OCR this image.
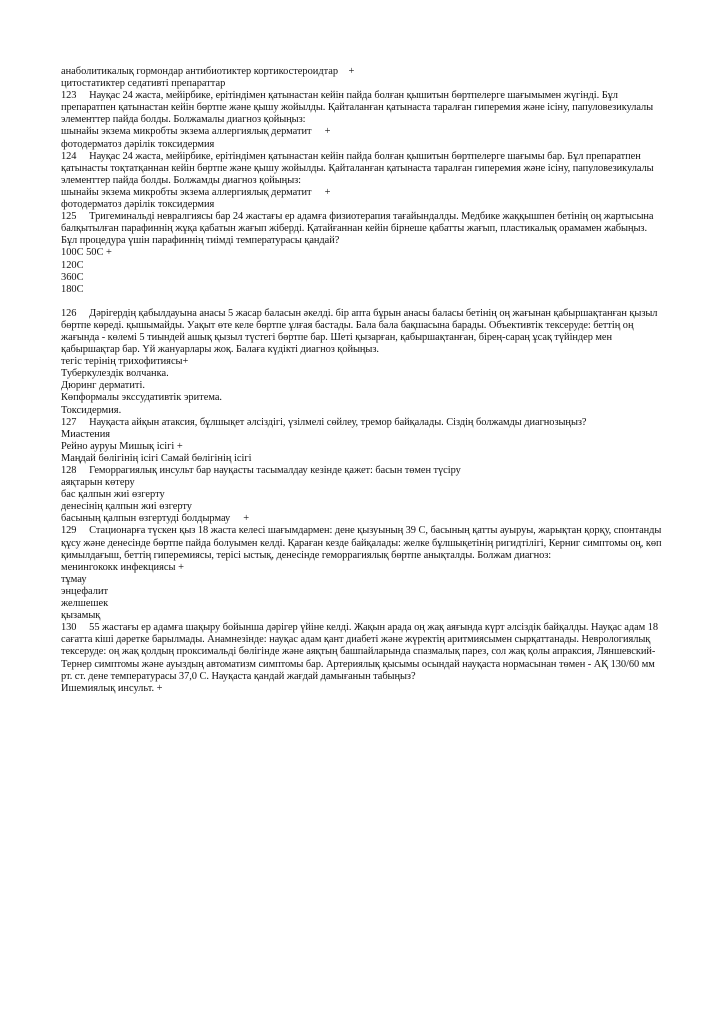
анаболитикалық гормондар антибиотиктер кортикостероидтар    +

цитостатиктер седативті препараттар

123     Науқас 24 жаста, мейірбике, ерітіндімен қатынастан кейін пайда болған қышитын бөртпелерге шағымымен жүгінді. Бұл препаратпен қатынастан кейін бөртпе және қышу жойылды. Қайталанған қатынаста таралған гиперемия және ісіну, папуловезикулалы элементтер пайда болды. Болжамалы диагноз қойыңыз:

шынайы экзема микробты экзема аллергиялық дерматит     +

фотодерматоз дәрілік токсидермия

124     Науқас 24 жаста, мейірбике, ерітіндімен қатынастан кейін пайда болған қышитын бөртпелерге шағымы бар. Бұл препаратпен қатынасты тоқтатқаннан кейін бөртпе және қышу жойылды. Қайталанған қатынаста таралған гиперемия және ісіну, папуловезикулалы элементтер пайда болды. Болжамды диагноз қойыңыз:

шынайы экзема микробты экзема аллергиялық дерматит     +

фотодерматоз дәрілік токсидермия

125     Тригеминальді невралгиясы бар 24 жастағы ер адамға физиотерапия тағайындалды. Медбике жаққышпен бетінің оң жартысына балқытылған парафиннің жұқа қабатын жағып жіберді. Қатайғаннан кейін бірнеше қабатты жағып, пластикалық орамамен жабыңыз. Бұл процедура үшін парафиннің тиімді температурасы қандай?

100С 50С +

120С

360С

180С

126     Дәрігердің қабылдауына анасы 5 жасар баласын әкелді. бір апта бұрын анасы баласы бетінің оң жағынан қабыршақтанған қызыл бөртпе көреді. қышымайды. Уақыт өте келе бөртпе ұлғая бастады. Бала бала бақшасына барады. Объективтік тексеруде: беттің оң жағында - көлемі 5 тиындей ашық қызыл түстегі бөртпе бар. Шеті қызарған, қабыршақтанған, бірең-сараң ұсақ түйіндер мен қабыршақтар бар. Үй жануарлары жоқ. Балаға күдікті диагноз қойыңыз.

тегіс терінің трихофитиясы+

Туберкулездік волчанка.

Дюринг дерматиті.

Көпформалы экссудативтік эритема.

Токсидермия.

127     Науқаста айқын атаксия, бұлшықет әлсіздігі, үзілмелі сөйлеу, тремор байқалады. Сіздің болжамды диагнозыңыз?

Миастения

Рейно ауруы Мишық ісігі +

Маңдай бөлігінің ісігі Самай бөлігінің ісігі

128     Геморрагиялық инсульт бар науқасты тасымалдау кезінде қажет: басын төмен түсіру

аяқтарын көтеру

бас қалпын жиі өзгерту

денесінің қалпын жиі өзгерту

басының қалпын өзгертуді болдырмау     +

129     Стационарға түскен қыз 18 жаста келесі шағымдармен: дене қызуының 39 С, басының қатты ауыруы, жарықтан қорқу, спонтанды құсу және денесінде бөртпе пайда болуымен келді. Қараған кезде байқалады: желке бұлшықетінің ригидтілігі, Керниг симптомы оң, көп қимылдағыш, беттің гиперемиясы, терісі ыстық, денесінде геморрагиялық бөртпе анықталды. Болжам диагноз:

менингококк инфекциясы +

тұмау

энцефалит

желшешек

қызамық

130     55 жастағы ер адамға шақыру бойынша дәрігер үйіне келді. Жақын арада оң жақ аяғында күрт әлсіздік байқалды. Науқас адам 18 сағатта кіші дәретке барылмады. Анамнезінде: науқас адам қант диабеті және жүректің аритмиясымен сырқаттанады. Неврологиялық тексеруде: оң жақ қолдың проксимальді бөлігінде және аяқтың башпайларында спазмалық парез, сол жақ қолы апраксия, Ляншевский-Тернер симптомы және ауыздың автоматизм симптомы бар. Артериялық қысымы осындай науқаста нормасынан төмен - АҚ 130/60 мм рт. ст. дене температурасы 37,0 С. Науқаста қандай жағдай дамығанын табыңыз?

Ишемиялық инсульт. +
